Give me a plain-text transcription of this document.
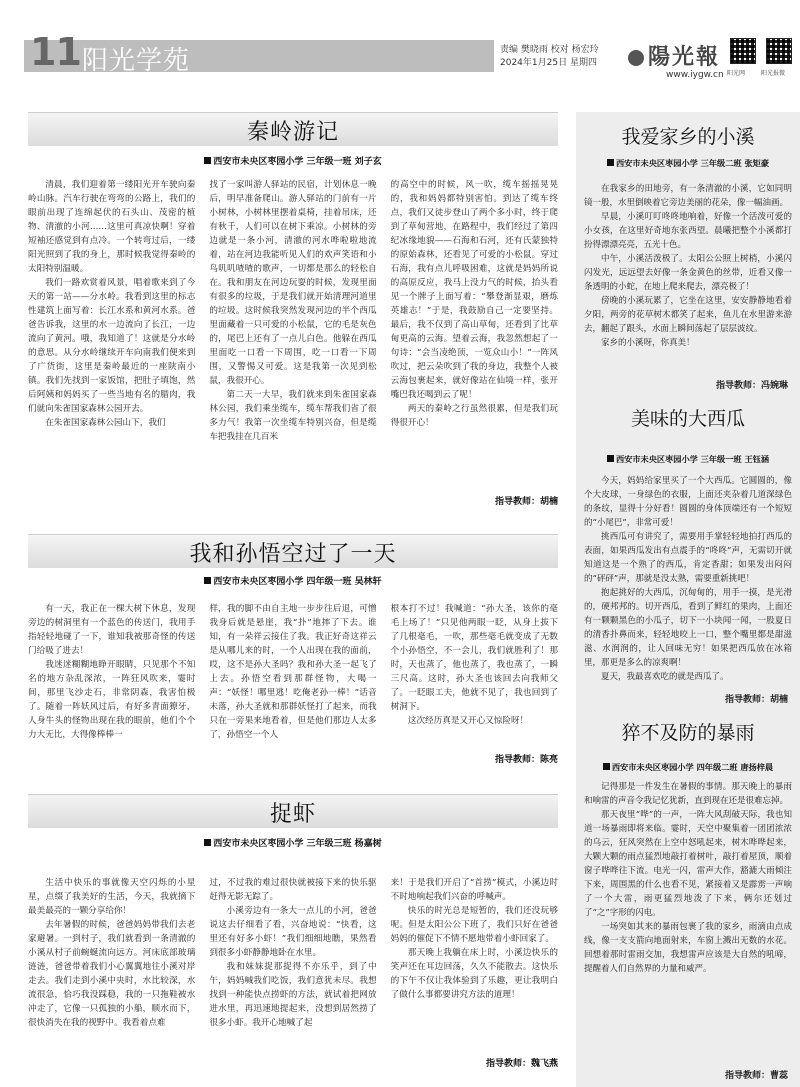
11 阳光学苑	责编 樊晓雨 校对 杨宏玲
2024年1月25日 星期四	陽光報
www.iygw.cn 阳光网	阳光报微
秦岭游记
西安市未央区枣园小学 三年级一班 刘子玄

清晨，我们迎着第一缕阳光开车驶向秦岭山脉。汽车行驶在弯弯的公路上，我们的眼前出现了连绵起伏的石头山、茂密的植物、清澈的小河……这里可真凉快啊！穿着短袖还感觉到有点冷。一个转弯过后，一缕阳光照到了我的身上，那时候我觉得秦岭的太阳特别温暖。

我们一路欢赏着风景，唱着歌来到了今天的第一站——分水岭。我看到这里的标志性建筑上面写着：长江水系和黄河水系。爸爸告诉我，这里的水一边流向了长江，一边流向了黄河。哦，我知道了！这就是分水岭的意思。从分水岭继续开车向南我们便来到了广货街，这里是秦岭最近的一座陕南小镇。我们先找到一家饭馆，把肚子填饱，然后阿姨和妈妈买了一些当地有名的腊肉，我们就向朱雀国家森林公园开去。

在朱雀国家森林公园山下，我们

找了一家叫游人驿站的民宿，计划休息一晚后，明早准备爬山。游人驿站的门前有一片小树林，小树林里摆着桌椅，挂着吊床，还有秋千，人们可以在树下乘凉。小树林的旁边就是一条小河，清澈的河水哗啦啦地流着，站在河边我能听见人们的欢声笑语和小鸟叽叽喳喳的歌声，一切都是那么的轻松自在。我和朋友在河边玩耍的时候，发现里面有很多的垃圾，于是我们就开始清理河道里的垃圾。这时候我突然发现河边的半个西瓜里面藏着一只可爱的小松鼠，它的毛是灰色的，尾巴上还有了一点儿白色。他躲在西瓜里面吃一口看一下周围，吃一口看一下周围，又警惕又可爱。这是我第一次见到松鼠，我很开心。

第二天一大早，我们就来到朱雀国家森林公园，我们乘坐缆车，缆车帮我们省了很多力气！我第一次坐缆车特别兴奋，但是缆车把我挂在几百米

的高空中的时候，风一吹，缆车摇摇晃晃的，我和妈妈都特别害怕。到达了缆车终点，我们又徒步登山了两个多小时，终于爬到了草甸营地，在路程中，我们经过了第四纪冰缘地貌——石海和石河，还有氏蒙独特的原始森林，还看见了可爱的小松鼠。穿过石海，我有点儿呼吸困难，这就是妈妈所说的高原反应，我马上没力气的时候，抬头看见一个牌子上面写着：“攀登渐显艰，磨炼英雄志！”于是，我鼓励自己一定要坚持。最后，我不仅到了高山草甸，还看到了比草甸更高的云海。望着云海，我忽然想起了一句诗：“会当凌绝顶，一览众山小！”一阵风吹过，把云朵吹到了我的身边，我整个人被云海包裹起来，就好像站在仙境一样，张开嘴巴我还喝到云了呢！

两天的秦岭之行虽然很累，但是我们玩得很开心！

指导教师：胡楠
我和孙悟空过了一天
西安市未央区枣园小学 四年级一班 吴林轩

有一天，我正在一棵大树下休息，发现旁边的树洞里有一个蓝色的传送门，我用手指轻轻地碰了一下，谁知我被那奇怪的传送门给吸了进去！

我迷迷糊糊地睁开眼睛，只见那个不知名的地方杂乱深浓，一阵狂风吹来，霎时间，那里飞沙走石，非常阴森，我害怕极了。随着一阵妖风过后，有好多青面獠牙，人身牛头的怪物出现在我的眼前，他们个个力大无比，大得像棒棒一

样，我的脚不由自主地一步步往后退，可憎我身后就是悬崖，我“扑”地摔了下去。谁知，有一朵祥云接住了我。我正好奇这祥云是从哪儿来的时，一个人出现在我的面前，哎，这不是孙大圣吗？我和孙大圣一起飞了上去。孙悟空看到那群怪物，大喝一声：“妖怪！哪里逃！吃俺老孙一棒！”话音未落，孙大圣就和那群妖怪打了起来，而我只在一旁果来地看着，但是他们那边人太多了，孙悟空一个人

根本打不过！我喊道：“孙大圣，该你的毫毛上场了！”只见他两眼一眨，从身上拔下了几根毫毛，一吹，那些毫毛就变成了无数个小孙悟空，不一会儿，我们就胜利了！那时，天也蒸了，他也蒸了，我也蒸了，一瞬三尺高。这时，孙大圣也该回去向我师父了。一眨眼工夫，他就不见了，我也回到了树洞下。

这次经历真是又开心又惊险呀！

指导教师：陈亮
捉虾
西安市未央区枣园小学 三年级三班 杨嘉树

生活中快乐的事就像天空闪烁的小星星，点缀了我美好的生活，今天，我就摘下最美最亮的一颗分享给你！

去年暑假的时候，爸爸妈妈带我们去老家避暑。一到村子，我们就看到一条清澈的小溪从村子前蜿蜒流向远方。河床底部玻璃涟涟，爸爸带着我们小心翼翼地往小溪对岸走去。我们走到小溪中央时，水比较深，水流很急，恰巧我没踩稳，我的一只拖鞋被水冲走了，它像一只孤独的小船，顺水而下，很快消失在我的视野中。我看着点难

过，不过我的难过很快就被接下来的快乐驱赶得无影无踪了。

小溪旁边有一条大一点儿的小河，爸爸说这去仔细看了看，兴奋地说：“快看，这里还有好多小虾！”我们细细地瞧，果然看到很多小虾静静地卧在水里。

我和妹妹捉那捉得不亦乐乎，到了中午，妈妈喊我们吃饭，我们意犹未尽。我想找到一种能快点捞虾的方法，就试着把网放进水里，再迅速地提起来，没想到居然捞了很多小虾。我开心地喊了起

来！于是我们开启了“首捞”模式，小溪边时不时地响起我们兴奋的呼喊声。

快乐的时光总是短暂的，我们还没玩够呢。但是太阳公公下班了，我们只好在爸爸妈妈的催促下不情不愿地带着小虾回家了。

那天晚上我躺在床上时，小溪边快乐的笑声还在耳边回荡，久久不能散去。这快乐的下午不仅让我体验到了乐趣，更让我明白了做什么事都要讲究方法的道理！

指导教师：魏飞燕
我爱家乡的小溪
西安市未央区枣园小学 三年级二班 张矩豪

在我家乡的田地旁，有一条清澈的小溪，它如同明镜一般，水里倒映着它旁边美丽的花朵，像一幅油画。

早晨，小溪叮叮咚咚地响着，好像一个活泼可爱的小女孩，在这里好奇地东张西望。晨曦把整个小溪都打扮得漂漂亮亮，五光十色。

中午，小溪活泼极了。太阳公公照上树梢，小溪闪闪发光，远远望去好像一条金黄色的丝带，近看又像一条透明的小蛇，在地上爬来爬去，漂亮极了！

傍晚的小溪玩累了，它坐在这里，安安静静地看着夕阳，两旁的花草树木都笑了起来，鱼儿在水里游来游去，翻起了跟头，水面上瞬间荡起了层层波纹。

家乡的小溪呀，你真美！

指导教师：冯婉琳
美味的大西瓜
西安市未央区枣园小学 三年级一班 王钰涵

今天，妈妈给家里买了一个大西瓜。它圆圆的，像个大皮球，一身绿色的衣服，上面还夹杂着几道深绿色的条纹，显得十分好看！圆圆的身体顶端还有一个短短的“小尾巴”，非常可爱！

挑西瓜可有讲究了，需要用手掌轻轻地拍打西瓜的表面，如果西瓜发出有点震手的“咚咚”声，无需切开就知道这是一个熟了的西瓜，肯定香甜；如果发出闷闷的“砰砰”声，那就是没太熟，需要重新挑吧！

抱起挑好的大西瓜，沉甸甸的，用手一摸，是光滑的，硬邦邦的。切开西瓜，看到了鲜红的果肉，上面还有一颗颗黑色的小瓜子，切下一小块闻一闻，一股夏日的清香扑鼻而来，轻轻地咬上一口，整个嘴里都是甜滋滋、水润润的，让人回味无穷！如果把西瓜放在冰箱里，那更是多么的凉爽啊！

夏天，我最喜欢吃的就是西瓜了。

指导教师：胡楠
猝不及防的暴雨
西安市未央区枣园小学 四年级二班 唐扬梓晨

记得那是一件发生在暑假的事情。那天晚上的暴雨和响雷的声音令我记忆犹新，直到现在还是很难忘掉。

那天夜里“哗”的一声，一阵大风刮破天际，我也知道一场暴雨即将来临。霎时，天空中聚集着一团团浓浓的乌云，狂风突然在上空中怒吼起来，树木哗哗起来，大颗大颗的雨点猛烈地敲打着树叶，敲打着屋顶，顺着窗子哗哗往下流。电光一闪，雷声大作，豁漉大雨倾注下来，周围黑的什么也看不见，紧接着又是霹雳一声响了一个大雷，雨更猛烈地泼了下来，俩尔还划过了“之”字形的闪电。

一场突如其来的暴雨包裹了我的家乡，雨滴由点成线，像一支支箭向地面射来，车窗上溅出无数的水花。回想着那时雷雨交加，我想雷声应该是大自然的吼啼，提醒着人们自然界的力量和威严。

指导教师：曹蕊
